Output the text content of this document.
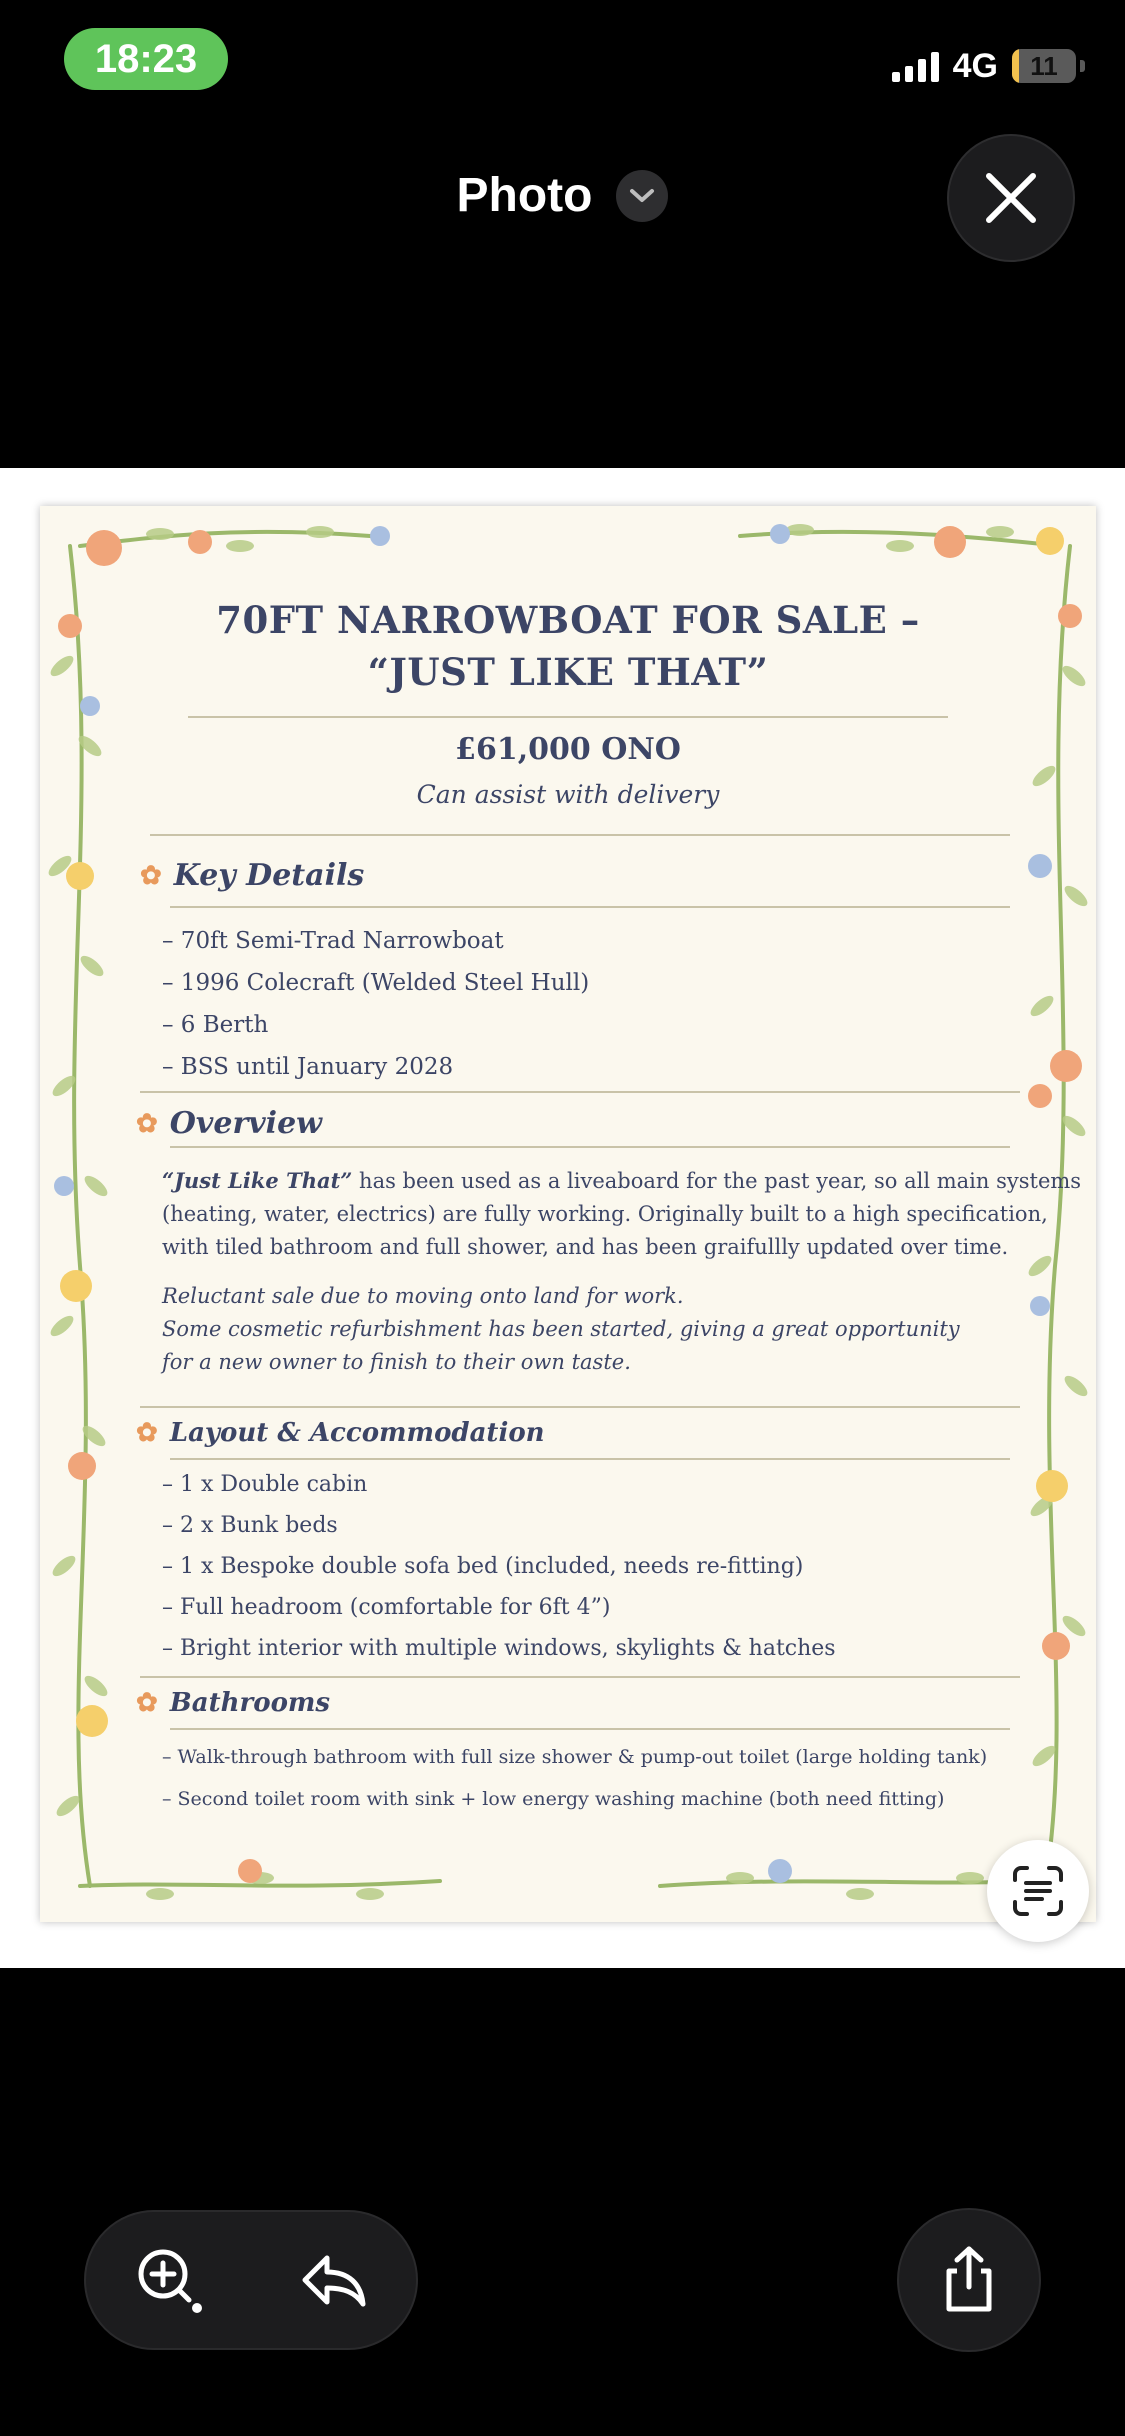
18:23	4G 11
Photo
70FT NARROWBOAT FOR SALE –
“JUST LIKE THAT”
£61,000 ONO
Can assist with delivery
✿ Key Details
– 70ft Semi-Trad Narrowboat
– 1996 Colecraft (Welded Steel Hull)
– 6 Berth
– BSS until January 2028
✿ Overview
“Just Like That” has been used as a liveaboard for the past year, so all main systems
(heating, water, electrics) are fully working. Originally built to a high specification,
with tiled bathroom and full shower, and has been graifullly updated over time.
Reluctant sale due to moving onto land for work.
Some cosmetic refurbishment has been started, giving a great opportunity
for a new owner to finish to their own taste.
✿ Layout & Accommodation
– 1 x Double cabin
– 2 x Bunk beds
– 1 x Bespoke double sofa bed (included, needs re-fitting)
– Full headroom (comfortable for 6ft 4”)
– Bright interior with multiple windows, skylights & hatches
✿ Bathrooms
– Walk-through bathroom with full size shower & pump-out toilet (large holding tank)
– Second toilet room with sink + low energy washing machine (both need fitting)
